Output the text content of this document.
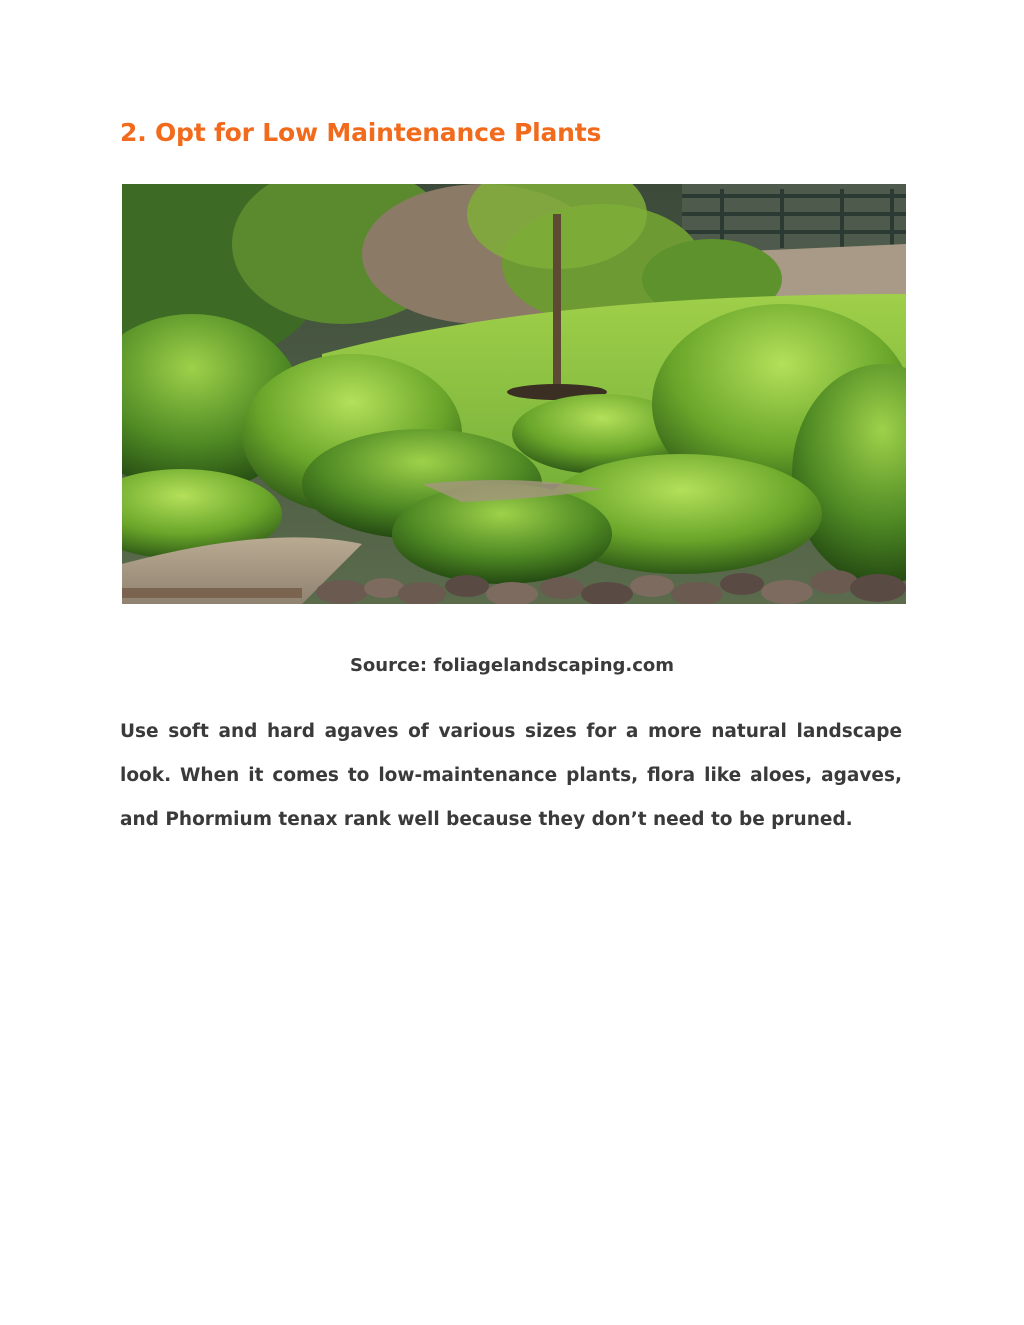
2. Opt for Low Maintenance Plants

Source: foliagelandscaping.com

Use soft and hard agaves of various sizes for a more natural landscape look. When it comes to low-maintenance plants, flora like aloes, agaves, and Phormium tenax rank well because they don’t need to be pruned.
